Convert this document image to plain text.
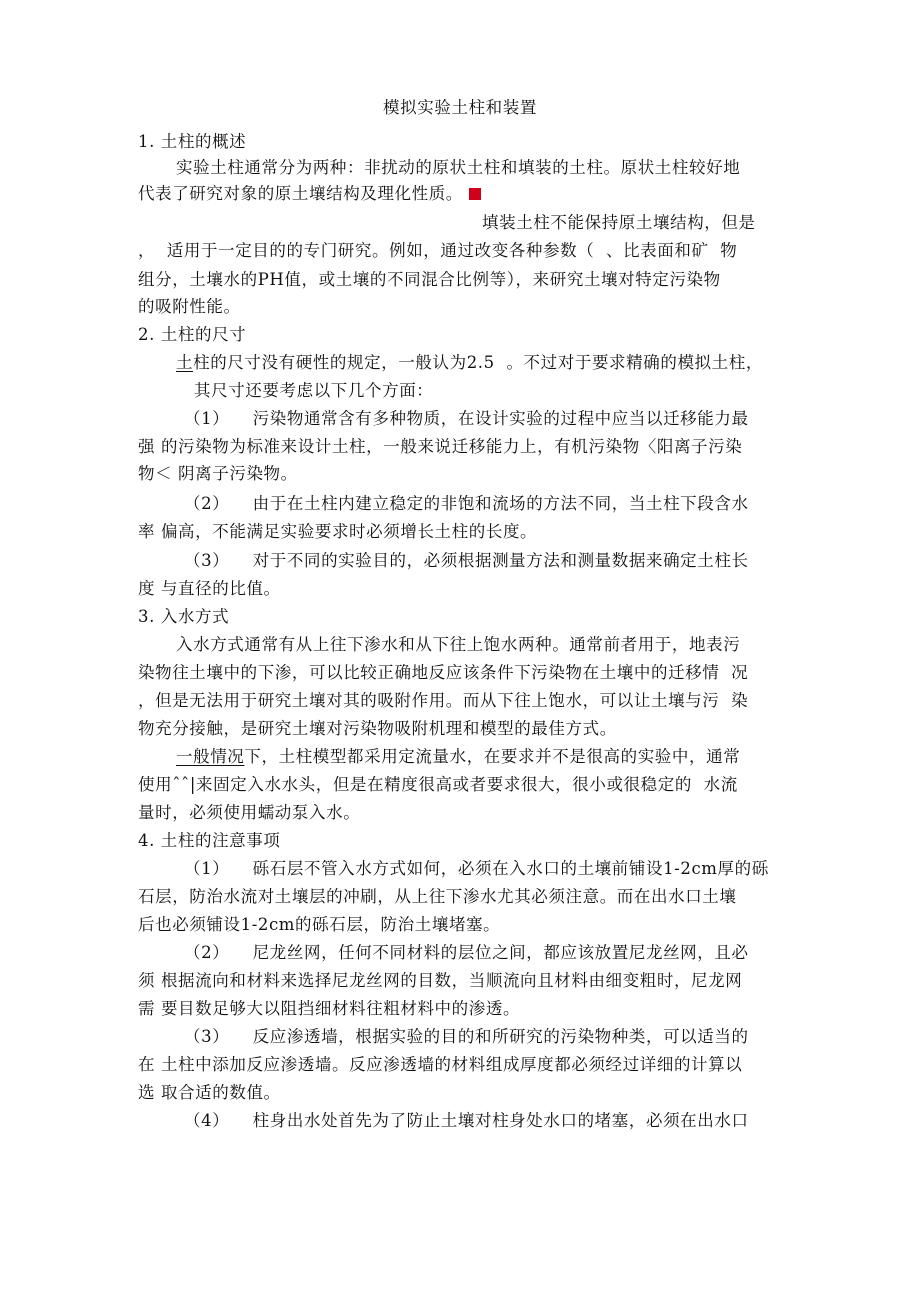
模拟实验土柱和装置
1. 土柱的概述
实验土柱通常分为两种：非扰动的原状土柱和填装的土柱。原状土柱较好地
代表了研究对象的原土壤结构及理化性质。
填装土柱不能保持原土壤结构，但是
，  适用于一定目的的专门研究。例如，通过改变各种参数（  、比表面和矿  物
组分，土壤水的PH值，或土壤的不同混合比例等），来研究土壤对特定污染物
的吸附性能。
2. 土柱的尺寸
土柱的尺寸没有硬性的规定，一般认为2.5  。不过对于要求精确的模拟土柱，
其尺寸还要考虑以下几个方面：
（1）    污染物通常含有多种物质，在设计实验的过程中应当以迁移能力最
强 的污染物为标准来设计土柱，一般来说迁移能力上，有机污染物〈阳离子污染
物＜ 阴离子污染物。
（2）    由于在土柱内建立稳定的非饱和流场的方法不同，当土柱下段含水
率 偏高，不能满足实验要求时必须增长土柱的长度。
（3）    对于不同的实验目的，必须根据测量方法和测量数据来确定土柱长
度 与直径的比值。
3. 入水方式
入水方式通常有从上往下渗水和从下往上饱水两种。通常前者用于，地表污
染物往土壤中的下渗，可以比较正确地反应该条件下污染物在土壤中的迁移情  况
，但是无法用于研究土壤对其的吸附作用。而从下往上饱水，可以让土壤与污  染
物充分接触，是研究土壤对污染物吸附机理和模型的最佳方式。
一般情况下，土柱模型都采用定流量水，在要求并不是很高的实验中，通常
使用ˆˆ|来固定入水水头，但是在精度很高或者要求很大，很小或很稳定的  水流
量时，必须使用蠕动泵入水。
4. 土柱的注意事项
（1）    砾石层不管入水方式如何，必须在入水口的土壤前铺设1-2cm厚的砾
石层，防治水流对土壤层的冲刷，从上往下渗水尤其必须注意。而在出水口土壤
后也必须铺设1-2cm的砾石层，防治土壤堵塞。
（2）    尼龙丝网，任何不同材料的层位之间，都应该放置尼龙丝网，且必
须 根据流向和材料来选择尼龙丝网的目数，当顺流向且材料由细变粗时，尼龙网
需 要目数足够大以阻挡细材料往粗材料中的渗透。
（3）    反应渗透墙，根据实验的目的和所研究的污染物种类，可以适当的
在 土柱中添加反应渗透墙。反应渗透墙的材料组成厚度都必须经过详细的计算以
选 取合适的数值。
（4）    柱身出水处首先为了防止土壤对柱身处水口的堵塞，必须在出水口
